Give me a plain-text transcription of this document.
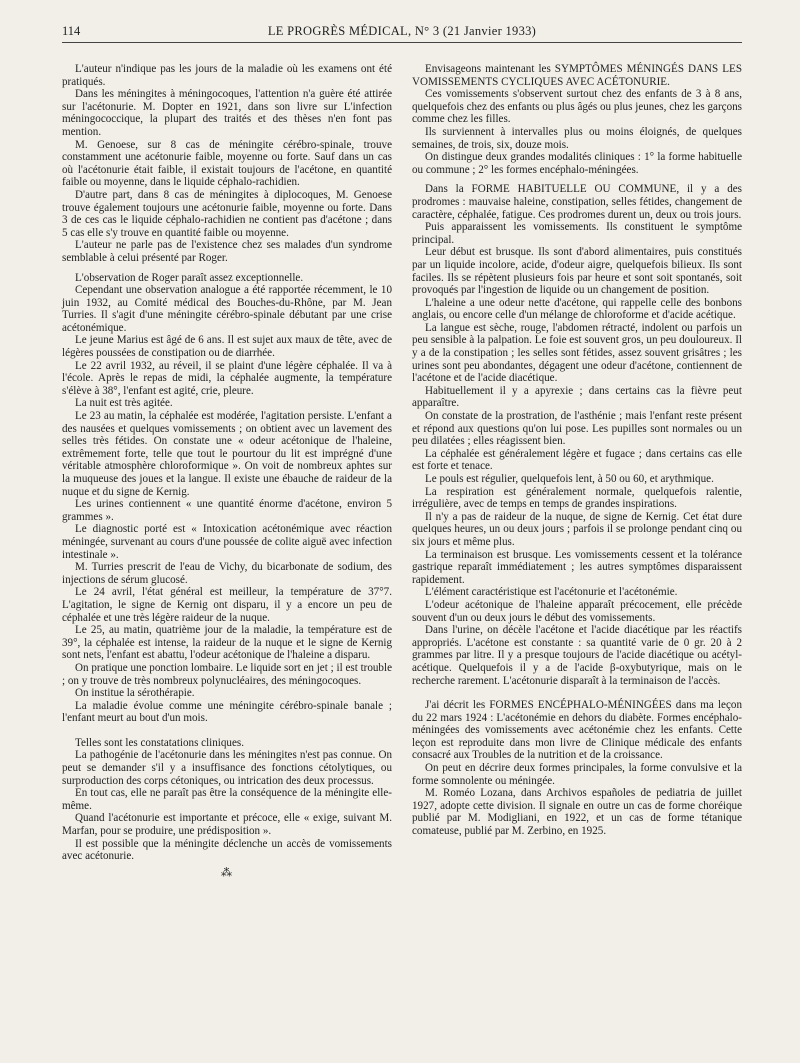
114	LE PROGRÈS MÉDICAL, N° 3 (21 Janvier 1933)

L'auteur n'indique pas les jours de la maladie où les examens ont été pratiqués.

Dans les méningites à méningocoques, l'attention n'a guère été attirée sur l'acétonurie. M. Dopter en 1921, dans son livre sur L'infection méningococcique, la plupart des traités et des thèses n'en font pas mention.

M. Genoese, sur 8 cas de méningite cérébro-spinale, trouve constamment une acétonurie faible, moyenne ou forte. Sauf dans un cas où l'acétonurie était faible, il existait toujours de l'acétone, en quantité faible ou moyenne, dans le liquide céphalo-rachidien.

D'autre part, dans 8 cas de méningites à diplocoques, M. Genoese trouve également toujours une acétonurie faible, moyenne ou forte. Dans 3 de ces cas le liquide céphalo-rachidien ne contient pas d'acétone ; dans 5 cas elle s'y trouve en quantité faible ou moyenne.

L'auteur ne parle pas de l'existence chez ses malades d'un syndrome semblable à celui présenté par Roger.

L'observation de Roger paraît assez exceptionnelle.

Cependant une observation analogue a été rapportée récemment, le 10 juin 1932, au Comité médical des Bouches-du-Rhône, par M. Jean Turries. Il s'agit d'une méningite cérébro-spinale débutant par une crise acétonémique.

Le jeune Marius est âgé de 6 ans. Il est sujet aux maux de tête, avec de légères poussées de constipation ou de diarrhée.

Le 22 avril 1932, au réveil, il se plaint d'une légère céphalée. Il va à l'école. Après le repas de midi, la céphalée augmente, la température s'élève à 38°, l'enfant est agité, crie, pleure.

La nuit est très agitée.

Le 23 au matin, la céphalée est modérée, l'agitation persiste. L'enfant a des nausées et quelques vomissements ; on obtient avec un lavement des selles très fétides. On constate une « odeur acétonique de l'haleine, extrêmement forte, telle que tout le pourtour du lit est imprégné d'une véritable atmosphère chloroformique ». On voit de nombreux aphtes sur la muqueuse des joues et la langue. Il existe une ébauche de raideur de la nuque et du signe de Kernig.

Les urines contiennent « une quantité énorme d'acétone, environ 5 grammes ».

Le diagnostic porté est « Intoxication acétonémique avec réaction méningée, survenant au cours d'une poussée de colite aiguë avec infection intestinale ».

M. Turries prescrit de l'eau de Vichy, du bicarbonate de sodium, des injections de sérum glucosé.

Le 24 avril, l'état général est meilleur, la température de 37°7. L'agitation, le signe de Kernig ont disparu, il y a encore un peu de céphalée et une très légère raideur de la nuque.

Le 25, au matin, quatrième jour de la maladie, la température est de 39°, la céphalée est intense, la raideur de la nuque et le signe de Kernig sont nets, l'enfant est abattu, l'odeur acétonique de l'haleine a disparu.

On pratique une ponction lombaire. Le liquide sort en jet ; il est trouble ; on y trouve de très nombreux polynucléaires, des méningocoques.

On institue la sérothérapie.

La maladie évolue comme une méningite cérébro-spinale banale ; l'enfant meurt au bout d'un mois.

Telles sont les constatations cliniques.

La pathogénie de l'acétonurie dans les méningites n'est pas connue. On peut se demander s'il y a insuffisance des fonctions cétolytiques, ou surproduction des corps cétoniques, ou intrication des deux processus.

En tout cas, elle ne paraît pas être la conséquence de la méningite elle-même.

Quand l'acétonurie est importante et précoce, elle « exige, suivant M. Marfan, pour se produire, une prédisposition ».

Il est possible que la méningite déclenche un accès de vomissements avec acétonurie.

⁂

Envisageons maintenant les SYMPTÔMES MÉNINGÉS DANS LES VOMISSEMENTS CYCLIQUES AVEC ACÉTONURIE.

Ces vomissements s'observent surtout chez des enfants de 3 à 8 ans, quelquefois chez des enfants ou plus âgés ou plus jeunes, chez les garçons comme chez les filles.

Ils surviennent à intervalles plus ou moins éloignés, de quelques semaines, de trois, six, douze mois.

On distingue deux grandes modalités cliniques : 1° la forme habituelle ou commune ; 2° les formes encéphalo-méningées.

Dans la FORME HABITUELLE OU COMMUNE, il y a des prodromes : mauvaise haleine, constipation, selles fétides, changement de caractère, céphalée, fatigue. Ces prodromes durent un, deux ou trois jours.

Puis apparaissent les vomissements. Ils constituent le symptôme principal.

Leur début est brusque. Ils sont d'abord alimentaires, puis constitués par un liquide incolore, acide, d'odeur aigre, quelquefois bilieux. Ils sont faciles. Ils se répètent plusieurs fois par heure et sont soit spontanés, soit provoqués par l'ingestion de liquide ou un changement de position.

L'haleine a une odeur nette d'acétone, qui rappelle celle des bonbons anglais, ou encore celle d'un mélange de chloroforme et d'acide acétique.

La langue est sèche, rouge, l'abdomen rétracté, indolent ou parfois un peu sensible à la palpation. Le foie est souvent gros, un peu douloureux. Il y a de la constipation ; les selles sont fétides, assez souvent grisâtres ; les urines sont peu abondantes, dégagent une odeur d'acétone, contiennent de l'acétone et de l'acide diacétique.

Habituellement il y a apyrexie ; dans certains cas la fièvre peut apparaître.

On constate de la prostration, de l'asthénie ; mais l'enfant reste présent et répond aux questions qu'on lui pose. Les pupilles sont normales ou un peu dilatées ; elles réagissent bien.

La céphalée est généralement légère et fugace ; dans certains cas elle est forte et tenace.

Le pouls est régulier, quelquefois lent, à 50 ou 60, et arythmique.

La respiration est généralement normale, quelquefois ralentie, irrégulière, avec de temps en temps de grandes inspirations.

Il n'y a pas de raideur de la nuque, de signe de Kernig. Cet état dure quelques heures, un ou deux jours ; parfois il se prolonge pendant cinq ou six jours et même plus.

La terminaison est brusque. Les vomissements cessent et la tolérance gastrique reparaît immédiatement ; les autres symptômes disparaissent rapidement.

L'élément caractéristique est l'acétonurie et l'acétonémie.

L'odeur acétonique de l'haleine apparaît précocement, elle précède souvent d'un ou deux jours le début des vomissements.

Dans l'urine, on décèle l'acétone et l'acide diacétique par les réactifs appropriés. L'acétone est constante : sa quantité varie de 0 gr. 20 à 2 grammes par litre. Il y a presque toujours de l'acide diacétique ou acétyl-acétique. Quelquefois il y a de l'acide β-oxybutyrique, mais on le recherche rarement. L'acétonurie disparaît à la terminaison de l'accès.

J'ai décrit les FORMES ENCÉPHALO-MÉNINGÉES dans ma leçon du 22 mars 1924 : L'acétonémie en dehors du diabète. Formes encéphalo-méningées des vomissements avec acétonémie chez les enfants. Cette leçon est reproduite dans mon livre de Clinique médicale des enfants consacré aux Troubles de la nutrition et de la croissance.

On peut en décrire deux formes principales, la forme convulsive et la forme somnolente ou méningée.

M. Roméo Lozana, dans Archivos españoles de pediatria de juillet 1927, adopte cette division. Il signale en outre un cas de forme choréique publié par M. Modigliani, en 1922, et un cas de forme tétanique comateuse, publié par M. Zerbino, en 1925.
